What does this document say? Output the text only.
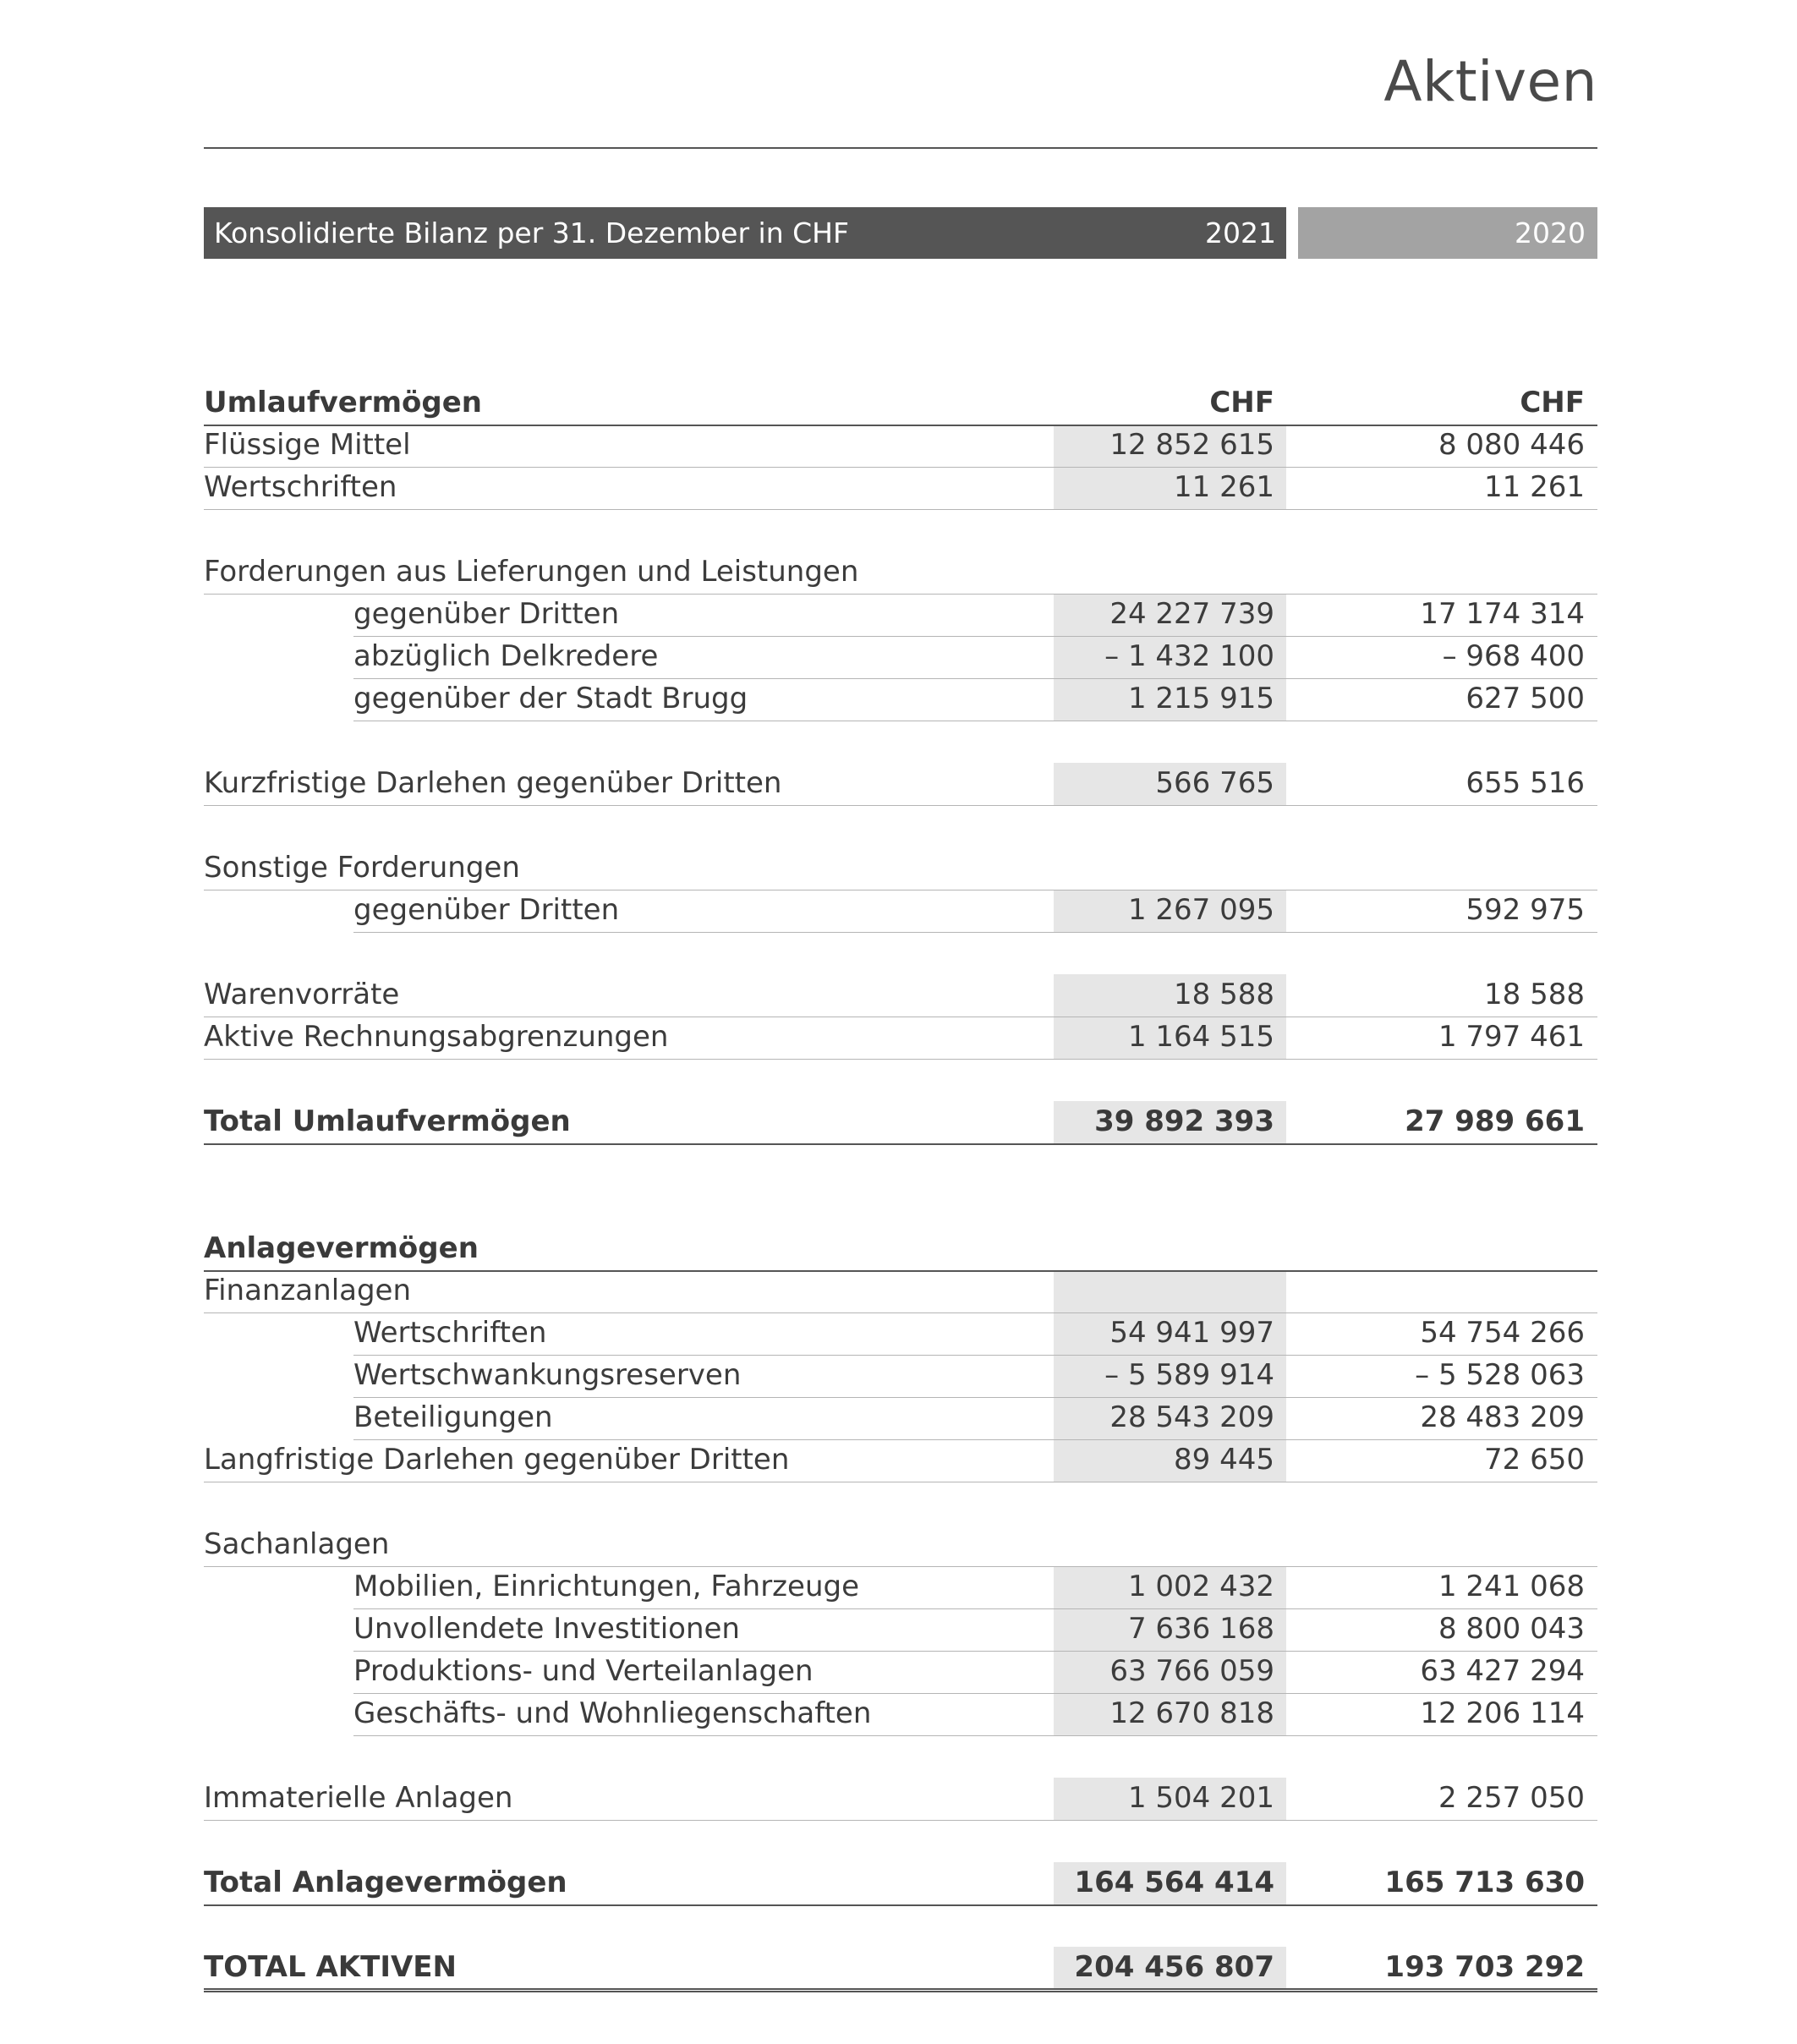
Aktiven
Konsolidierte Bilanz per 31. Dezember in CHF	2021	2020
Umlaufvermögen	CHF	CHF
Flüssige Mittel	12 852 615	8 080 446
Wertschriften	11 261	11 261
Forderungen aus Lieferungen und Leistungen
gegenüber Dritten	24 227 739	17 174 314
abzüglich Delkredere	– 1 432 100	– 968 400
gegenüber der Stadt Brugg	1 215 915	627 500
Kurzfristige Darlehen gegenüber Dritten	566 765	655 516
Sonstige Forderungen
gegenüber Dritten	1 267 095	592 975
Warenvorräte	18 588	18 588
Aktive Rechnungsabgrenzungen	1 164 515	1 797 461
Total Umlaufvermögen	39 892 393	27 989 661
Anlagevermögen
Finanzanlagen
Wertschriften	54 941 997	54 754 266
Wertschwankungsreserven	– 5 589 914	– 5 528 063
Beteiligungen	28 543 209	28 483 209
Langfristige Darlehen gegenüber Dritten	89 445	72 650
Sachanlagen
Mobilien, Einrichtungen, Fahrzeuge	1 002 432	1 241 068
Unvollendete Investitionen	7 636 168	8 800 043
Produktions- und Verteilanlagen	63 766 059	63 427 294
Geschäfts- und Wohnliegenschaften	12 670 818	12 206 114
Immaterielle Anlagen	1 504 201	2 257 050
Total Anlagevermögen	164 564 414	165 713 630
TOTAL AKTIVEN	204 456 807	193 703 292
